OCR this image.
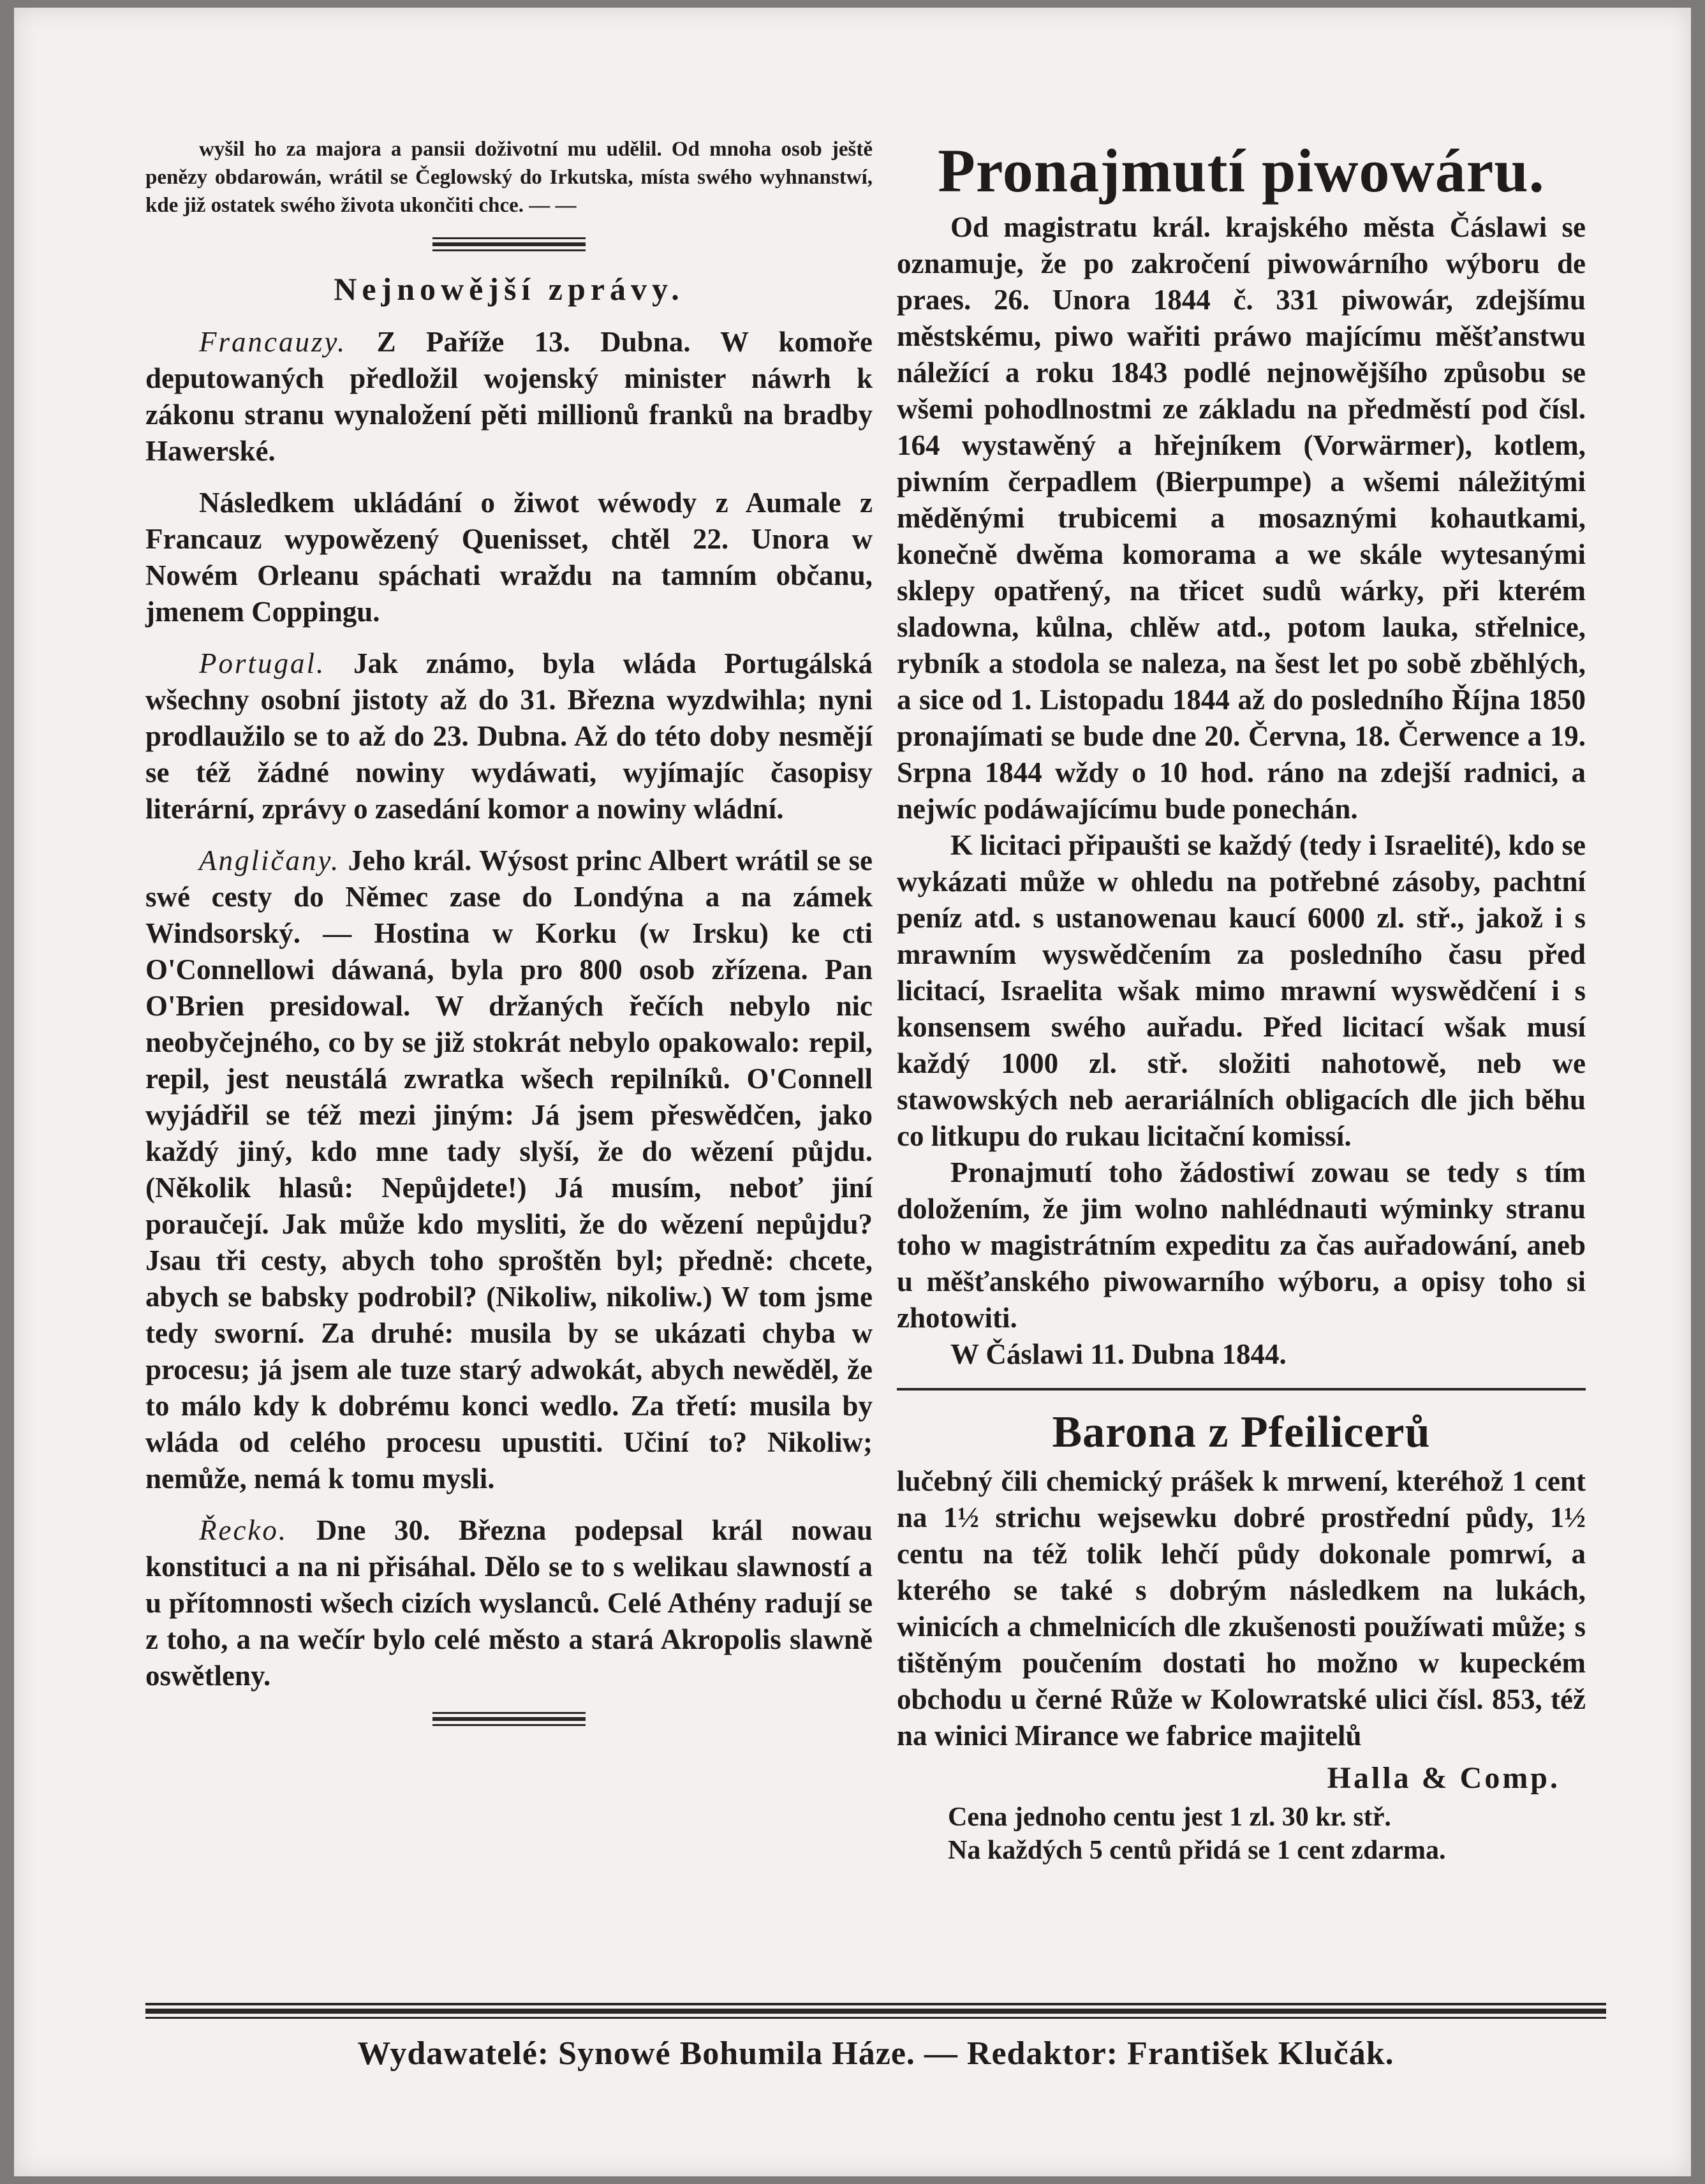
wyšil ho za majora a pansii doživotní mu udělil. Od mnoha osob ještě penězy obdarowán, wrátil se Čeglowský do Irkutska, místa swého wyhnanstwí, kde již ostatek swého života ukončiti chce. — —

Nejnowější zprávy.

Francauzy. Z Paříže 13. Dubna. W komoře deputowaných předložil wojenský minister náwrh k zákonu stranu wynaložení pěti millionů franků na bradby Hawerské.

Následkem ukládání o žiwot wéwody z Aumale z Francauz wypowězený Quenisset, chtěl 22. Unora w Nowém Orleanu spáchati wraždu na tamním občanu, jmenem Coppingu.

Portugal. Jak známo, byla wláda Portugálská wšechny osobní jistoty až do 31. Března wyzdwihla; nyni prodlaužilo se to až do 23. Dubna. Až do této doby nesmějí se též žádné nowiny wydáwati, wyjímajíc časopisy literární, zprávy o zasedání komor a nowiny wládní.

Angličany. Jeho král. Wýsost princ Albert wrátil se se swé cesty do Němec zase do Londýna a na zámek Windsorský. — Hostina w Korku (w Irsku) ke cti O'Connellowi dáwaná, byla pro 800 osob zřízena. Pan O'Brien presidowal. W držaných řečích nebylo nic neobyčejného, co by se již stokrát nebylo opakowalo: repil, repil, jest neustálá zwratka wšech repilníků. O'Connell wyjádřil se též mezi jiným: Já jsem přeswědčen, jako každý jiný, kdo mne tady slyší, že do wězení půjdu. (Několik hlasů: Nepůjdete!) Já musím, neboť jiní poraučejí. Jak může kdo mysliti, že do wězení nepůjdu? Jsau tři cesty, abych toho sproštěn byl; předně: chcete, abych se babsky podrobil? (Nikoliw, nikoliw.) W tom jsme tedy sworní. Za druhé: musila by se ukázati chyba w procesu; já jsem ale tuze starý adwokát, abych newěděl, že to málo kdy k dobrému konci wedlo. Za třetí: musila by wláda od celého procesu upustiti. Učiní to? Nikoliw; nemůže, nemá k tomu mysli.

Řecko. Dne 30. Března podepsal král nowau konstituci a na ni přisáhal. Dělo se to s welikau slawností a u přítomnosti wšech cizích wyslanců. Celé Athény radují se z toho, a na wečír bylo celé město a stará Akropolis slawně oswětleny.

Pronajmutí piwowáru.

Od magistratu král. krajského města Čáslawi se oznamuje, že po zakročení piwowárního wýboru de praes. 26. Unora 1844 č. 331 piwowár, zdejšímu městskému, piwo wařiti práwo majícímu měšťanstwu náležící a roku 1843 podlé nejnowějšího způsobu se wšemi pohodlnostmi ze základu na předměstí pod čísl. 164 wystawěný a hřejníkem (Vorwärmer), kotlem, piwním čerpadlem (Bierpumpe) a wšemi náležitými měděnými trubicemi a mosaznými kohautkami, konečně dwěma komorama a we skále wytesanými sklepy opatřený, na třicet sudů wárky, při kterém sladowna, kůlna, chlěw atd., potom lauka, střelnice, rybník a stodola se naleza, na šest let po sobě zběhlých, a sice od 1. Listopadu 1844 až do posledního Října 1850 pronajímati se bude dne 20. Června, 18. Čerwence a 19. Srpna 1844 wždy o 10 hod. ráno na zdejší radnici, a nejwíc podáwajícímu bude ponechán.

K licitaci připaušti se každý (tedy i Israelité), kdo se wykázati může w ohledu na potřebné zásoby, pachtní peníz atd. s ustanowenau kaucí 6000 zl. stř., jakož i s mrawním wyswědčením za posledního času před licitací, Israelita wšak mimo mrawní wyswědčení i s konsensem swého auřadu. Před licitací wšak musí každý 1000 zl. stř. složiti nahotowě, neb we stawowských neb aerariálních obligacích dle jich běhu co litkupu do rukau licitační komissí.

Pronajmutí toho žádostiwí zowau se tedy s tím doložením, že jim wolno nahlédnauti wýminky stranu toho w magistrátním expeditu za čas auřadowání, aneb u měšťanského piwowarního wýboru, a opisy toho si zhotowiti.

W Čáslawi 11. Dubna 1844.

Barona z Pfeilicerů

lučebný čili chemický prášek k mrwení, kteréhož 1 cent na 1½ strichu wejsewku dobré prostřední půdy, 1½ centu na též tolik lehčí půdy dokonale pomrwí, a kterého se také s dobrým následkem na lukách, winicích a chmelnicích dle zkušenosti použíwati může; s tištěným poučením dostati ho možno w kupeckém obchodu u černé Růže w Kolowratské ulici čísl. 853, též na winici Mirance we fabrice majitelů

Halla & Comp.
Cena jednoho centu jest 1 zl. 30 kr. stř.
Na každých 5 centů přidá se 1 cent zdarma.
Wydawatelé: Synowé Bohumila Háze. — Redaktor: František Klučák.
